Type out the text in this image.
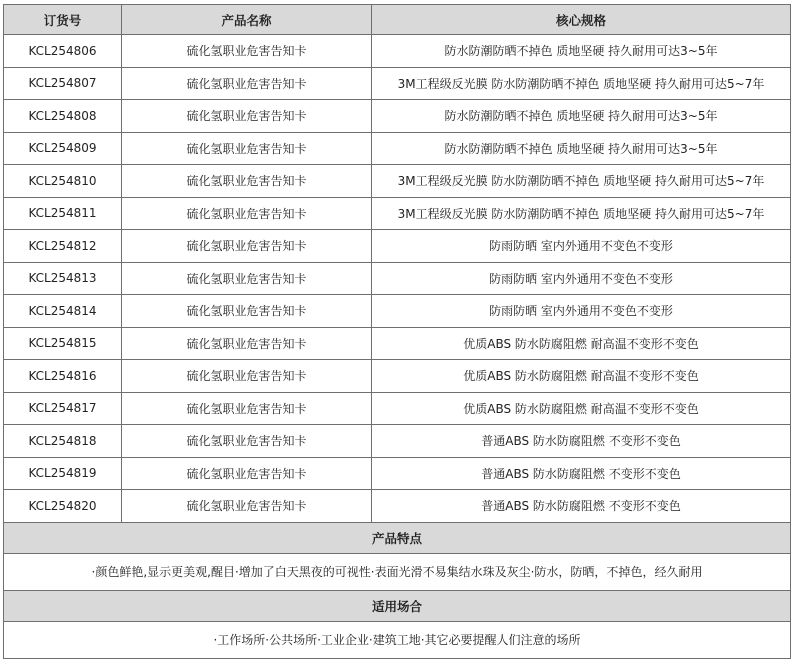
订货号	产品名称	核心规格
KCL254806	硫化氢职业危害告知卡	防水防潮防晒不掉色 质地坚硬 持久耐用可达3~5年
KCL254807	硫化氢职业危害告知卡	3M工程级反光膜 防水防潮防晒不掉色 质地坚硬 持久耐用可达5~7年
KCL254808	硫化氢职业危害告知卡	防水防潮防晒不掉色 质地坚硬 持久耐用可达3~5年
KCL254809	硫化氢职业危害告知卡	防水防潮防晒不掉色 质地坚硬 持久耐用可达3~5年
KCL254810	硫化氢职业危害告知卡	3M工程级反光膜 防水防潮防晒不掉色 质地坚硬 持久耐用可达5~7年
KCL254811	硫化氢职业危害告知卡	3M工程级反光膜 防水防潮防晒不掉色 质地坚硬 持久耐用可达5~7年
KCL254812	硫化氢职业危害告知卡	防雨防晒 室内外通用不变色不变形
KCL254813	硫化氢职业危害告知卡	防雨防晒 室内外通用不变色不变形
KCL254814	硫化氢职业危害告知卡	防雨防晒 室内外通用不变色不变形
KCL254815	硫化氢职业危害告知卡	优质ABS 防水防腐阻燃 耐高温不变形不变色
KCL254816	硫化氢职业危害告知卡	优质ABS 防水防腐阻燃 耐高温不变形不变色
KCL254817	硫化氢职业危害告知卡	优质ABS 防水防腐阻燃 耐高温不变形不变色
KCL254818	硫化氢职业危害告知卡	普通ABS 防水防腐阻燃 不变形不变色
KCL254819	硫化氢职业危害告知卡	普通ABS 防水防腐阻燃 不变形不变色
KCL254820	硫化氢职业危害告知卡	普通ABS 防水防腐阻燃 不变形不变色
产品特点		
·颜色鲜艳,显示更美观,醒目·增加了白天黑夜的可视性·表面光滑不易集结水珠及灰尘·防水，防晒，不掉色，经久耐用		
适用场合		
·工作场所·公共场所·工业企业·建筑工地·其它必要提醒人们注意的场所		
